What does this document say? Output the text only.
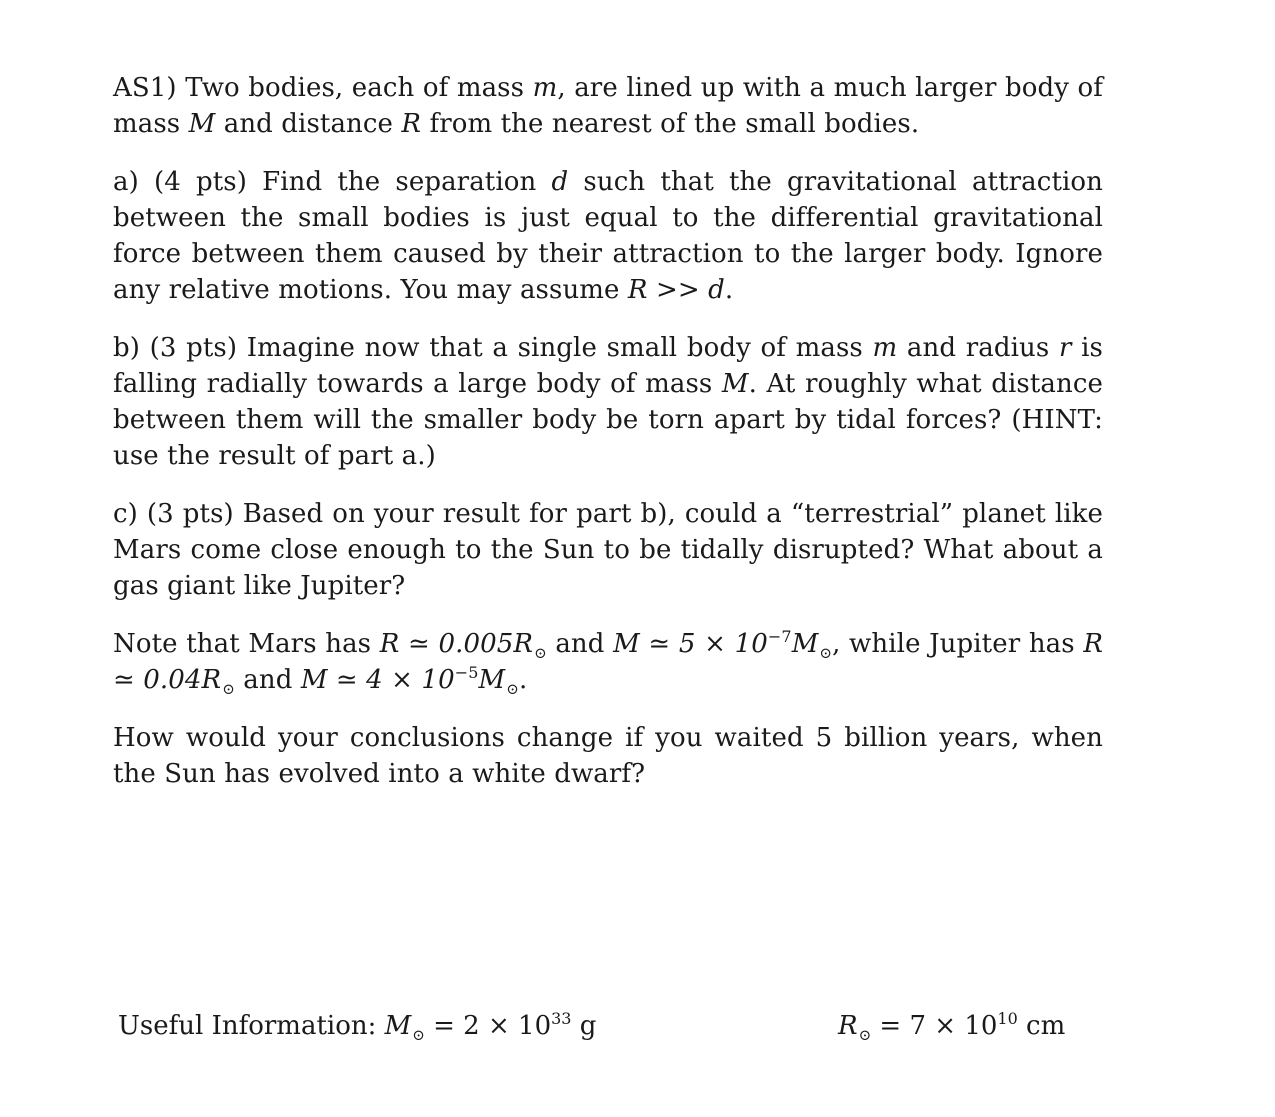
AS1) Two bodies, each of mass m, are lined up with a much larger body of mass M and distance R from the nearest of the small bodies.

a) (4 pts) Find the separation d such that the gravitational attraction between the small bodies is just equal to the differential gravitational force between them caused by their attraction to the larger body. Ignore any relative motions. You may assume R >> d.

b) (3 pts) Imagine now that a single small body of mass m and radius r is falling radially towards a large body of mass M. At roughly what distance between them will the smaller body be torn apart by tidal forces? (HINT: use the result of part a.)

c) (3 pts) Based on your result for part b), could a “terrestrial” planet like Mars come close enough to the Sun to be tidally disrupted? What about a gas giant like Jupiter?

Note that Mars has R ≃ $0.005R_⊙$ and M ≃ $5 \times 10^{-7}M_⊙$, while Jupiter has R ≃ $0.04R_⊙$ and M ≃ $4 \times 10^{-5}M_⊙$.

How would your conclusions change if you waited 5 billion years, when the Sun has evolved into a white dwarf?

Useful Information: $M_⊙ = 2 \times 10^{33}$ g	$R_⊙ = 7 \times 10^{10}$ cm
